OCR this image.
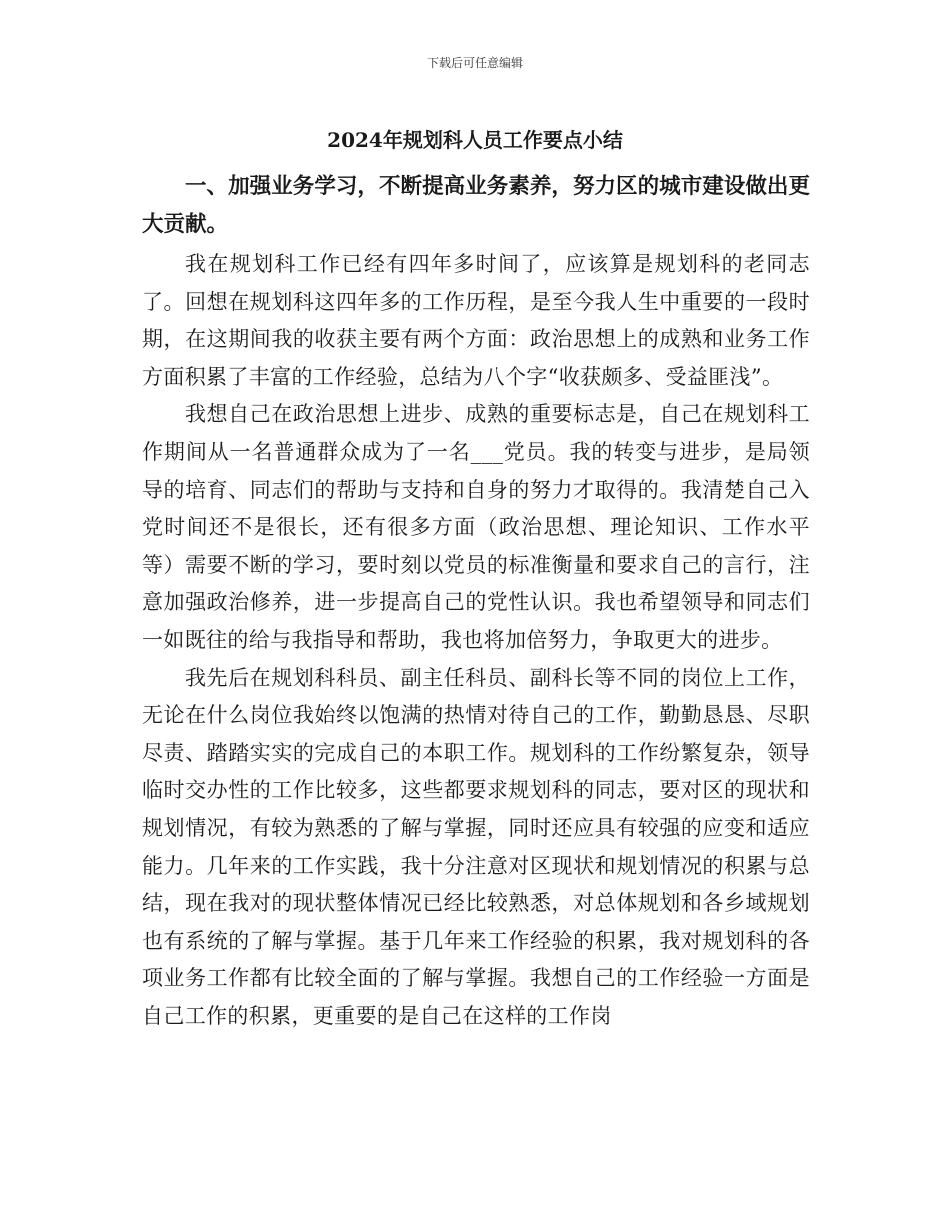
下载后可任意编辑
2024年规划科人员工作要点小结

一、加强业务学习，不断提高业务素养，努力区的城市建设做出更大贡献。

我在规划科工作已经有四年多时间了，应该算是规划科的老同志了。回想在规划科这四年多的工作历程，是至今我人生中重要的一段时期，在这期间我的收获主要有两个方面：政治思想上的成熟和业务工作方面积累了丰富的工作经验，总结为八个字“收获颇多、受益匪浅”。

我想自己在政治思想上进步、成熟的重要标志是，自己在规划科工作期间从一名普通群众成为了一名___党员。我的转变与进步，是局领导的培育、同志们的帮助与支持和自身的努力才取得的。我清楚自己入党时间还不是很长，还有很多方面（政治思想、理论知识、工作水平等）需要不断的学习，要时刻以党员的标准衡量和要求自己的言行，注意加强政治修养，进一步提高自己的党性认识。我也希望领导和同志们一如既往的给与我指导和帮助，我也将加倍努力，争取更大的进步。

我先后在规划科科员、副主任科员、副科长等不同的岗位上工作，无论在什么岗位我始终以饱满的热情对待自己的工作，勤勤恳恳、尽职尽责、踏踏实实的完成自己的本职工作。规划科的工作纷繁复杂，领导临时交办性的工作比较多，这些都要求规划科的同志，要对区的现状和规划情况，有较为熟悉的了解与掌握，同时还应具有较强的应变和适应能力。几年来的工作实践，我十分注意对区现状和规划情况的积累与总结，现在我对的现状整体情况已经比较熟悉，对总体规划和各乡域规划也有系统的了解与掌握。基于几年来工作经验的积累，我对规划科的各项业务工作都有比较全面的了解与掌握。我想自己的工作经验一方面是自己工作的积累，更重要的是自己在这样的工作岗
